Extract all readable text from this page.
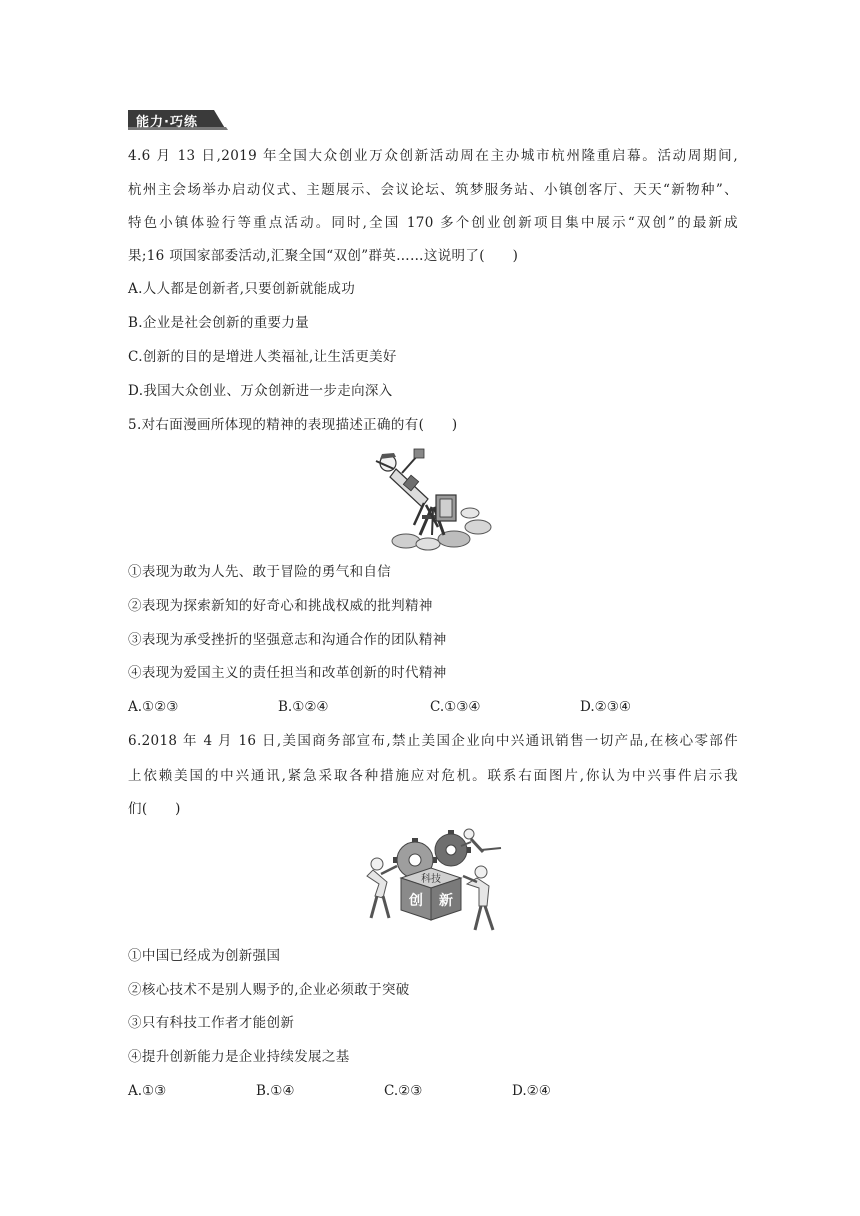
能力·巧练
4.6 月 13 日,2019 年全国大众创业万众创新活动周在主办城市杭州隆重启幕。活动周期间,
杭州主会场举办启动仪式、主题展示、会议论坛、筑梦服务站、小镇创客厅、天天“新物种”、
特色小镇体验行等重点活动。同时,全国 170 多个创业创新项目集中展示“双创”的最新成
果;16 项国家部委活动,汇聚全国“双创”群英……这说明了(　　)
A.人人都是创新者,只要创新就能成功
B.企业是社会创新的重要力量
C.创新的目的是增进人类福祉,让生活更美好
D.我国大众创业、万众创新进一步走向深入
5.对右面漫画所体现的精神的表现描述正确的有(　　)
①表现为敢为人先、敢于冒险的勇气和自信
②表现为探索新知的好奇心和挑战权威的批判精神
③表现为承受挫折的坚强意志和沟通合作的团队精神
④表现为爱国主义的责任担当和改革创新的时代精神
A.①②③	B.①②④	C.①③④	D.②③④
6.2018 年 4 月 16 日,美国商务部宣布,禁止美国企业向中兴通讯销售一切产品,在核心零部件
上依赖美国的中兴通讯,紧急采取各种措施应对危机。联系右面图片,你认为中兴事件启示我
们(　　)
科技
创 新
①中国已经成为创新强国
②核心技术不是别人赐予的,企业必须敢于突破
③只有科技工作者才能创新
④提升创新能力是企业持续发展之基
A.①③	B.①④	C.②③	D.②④
